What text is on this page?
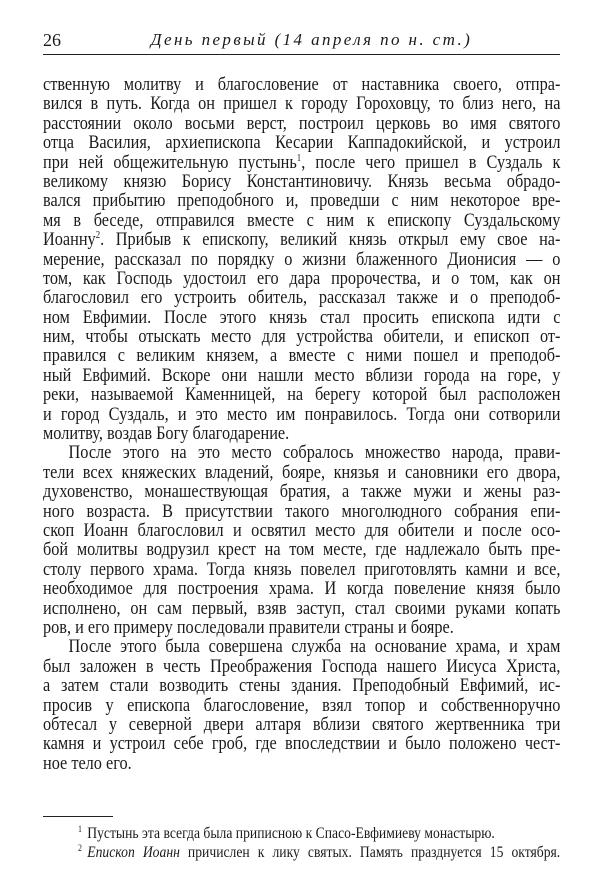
26	День первый (14 апреля по н. ст.)
ственную молитву и благословение от наставника своего, отпра-
вился в путь. Когда он пришел к городу Гороховцу, то близ него, на
расстоянии около восьми верст, построил церковь во имя святого
отца Василия, архиепископа Кесарии Каппадокийской, и устроил
при ней общежительную пустынь$^1$, после чего пришел в Суздаль к
великому князю Борису Константиновичу. Князь весьма обрадо-
вался прибытию преподобного и, проведши с ним некоторое вре-
мя в беседе, отправился вместе с ним к епископу Суздальскому
Иоанну$^2$. Прибыв к епископу, великий князь открыл ему свое на-
мерение, рассказал по порядку о жизни блаженного Дионисия — о
том, как Господь удостоил его дара пророчества, и о том, как он
благословил его устроить обитель, рассказал также и о преподоб-
ном Евфимии. После этого князь стал просить епископа идти с
ним, чтобы отыскать место для устройства обители, и епископ от-
правился с великим князем, а вместе с ними пошел и преподоб-
ный Евфимий. Вскоре они нашли место вблизи города на горе, у
реки, называемой Каменницей, на берегу которой был расположен
и город Суздаль, и это место им понравилось. Тогда они сотворили
молитву, воздав Богу благодарение.
После этого на это место собралось множество народа, прави-
тели всех княжеских владений, бояре, князья и сановники его двора,
духовенство, монашествующая братия, а также мужи и жены раз-
ного возраста. В присутствии такого многолюдного собрания епи-
скоп Иоанн благословил и освятил место для обители и после осо-
бой молитвы водрузил крест на том месте, где надлежало быть пре-
столу первого храма. Тогда князь повелел приготовлять камни и все,
необходимое для построения храма. И когда повеление князя было
исполнено, он сам первый, взяв заступ, стал своими руками копать
ров, и его примеру последовали правители страны и бояре.
После этого была совершена служба на основание храма, и храм
был заложен в честь Преображения Господа нашего Иисуса Христа,
а затем стали возводить стены здания. Преподобный Евфимий, ис-
просив у епископа благословение, взял топор и собственноручно
обтесал у северной двери алтаря вблизи святого жертвенника три
камня и устроил себе гроб, где впоследствии и было положено чест-
ное тело его.
$^1$ Пустынь эта всегда была приписною к Спасо-Евфимиеву монастырю.
$^2$ Епископ Иоанн причислен к лику святых. Память празднуется 15 октября.
